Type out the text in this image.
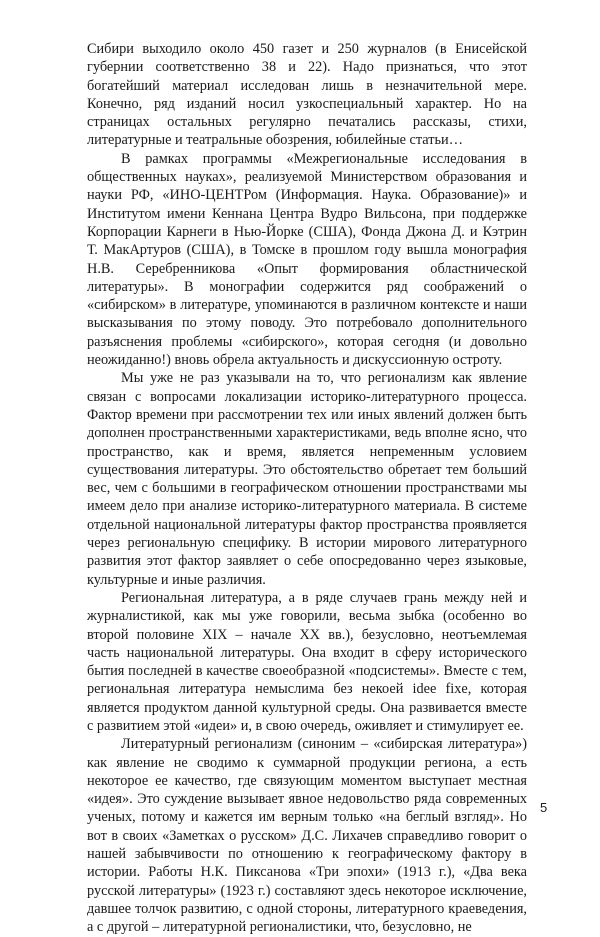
Сибири выходило около 450 газет и 250 журналов (в Енисейской губернии соответственно 38 и 22). Надо признаться, что этот богатейший материал исследован лишь в незначительной мере. Конечно, ряд изданий носил узкоспециальный характер. Но на страницах остальных регулярно печатались рассказы, стихи, литературные и театральные обозрения, юбилейные статьи…

В рамках программы «Межрегиональные исследования в общественных науках», реализуемой Министерством образования и науки РФ, «ИНО-ЦЕНТРом (Информация. Наука. Образование)» и Институтом имени Кеннана Центра Вудро Вильсона, при поддержке Корпорации Карнеги в Нью-Йорке (США), Фонда Джона Д. и Кэтрин Т. МакАртуров (США), в Томске в прошлом году вышла монография Н.В. Серебренникова «Опыт формирования областнической литературы». В монографии содержится ряд соображений о «сибирском» в литературе, упоминаются в различном контексте и наши высказывания по этому поводу. Это потребовало дополнительного разъяснения проблемы «сибирского», которая сегодня (и довольно неожиданно!) вновь обрела актуальность и дискуссионную остроту.

Мы уже не раз указывали на то, что регионализм как явление связан с вопросами локализации историко-литературного процесса. Фактор времени при рассмотрении тех или иных явлений должен быть дополнен пространственными характеристиками, ведь вполне ясно, что пространство, как и время, является непременным условием существования литературы. Это обстоятельство обретает тем больший вес, чем с большими в географическом отношении пространствами мы имеем дело при анализе историко-литературного материала. В системе отдельной национальной литературы фактор пространства проявляется через региональную специфику. В истории мирового литературного развития этот фактор заявляет о себе опосредованно через языковые, культурные и иные различия.

Региональная литература, а в ряде случаев грань между ней и журналистикой, как мы уже говорили, весьма зыбка (особенно во второй половине XIX – начале XX вв.), безусловно, неотъемлемая часть национальной литературы. Она входит в сферу исторического бытия последней в качестве своеобразной «подсистемы». Вместе с тем, региональная литература немыслима без некоей idee fixe, которая является продуктом данной культурной среды. Она развивается вместе с развитием этой «идеи» и, в свою очередь, оживляет и стимулирует ее.

Литературный регионализм (синоним – «сибирская литература») как явление не сводимо к суммарной продукции региона, а есть некоторое ее качество, где связующим моментом выступает местная «идея». Это суждение вызывает явное недовольство ряда современных ученых, потому и кажется им верным только «на беглый взгляд». Но вот в своих «Заметках о русском» Д.С. Лихачев справедливо говорит о нашей забывчивости по отношению к географическому фактору в истории. Работы Н.К. Пиксанова «Три эпохи» (1913 г.), «Два века русской литературы» (1923 г.) составляют здесь некоторое исключение, давшее толчок развитию, с одной стороны, литературного краеведения, а с другой – литературной регионалистики, что, безусловно, не

5
